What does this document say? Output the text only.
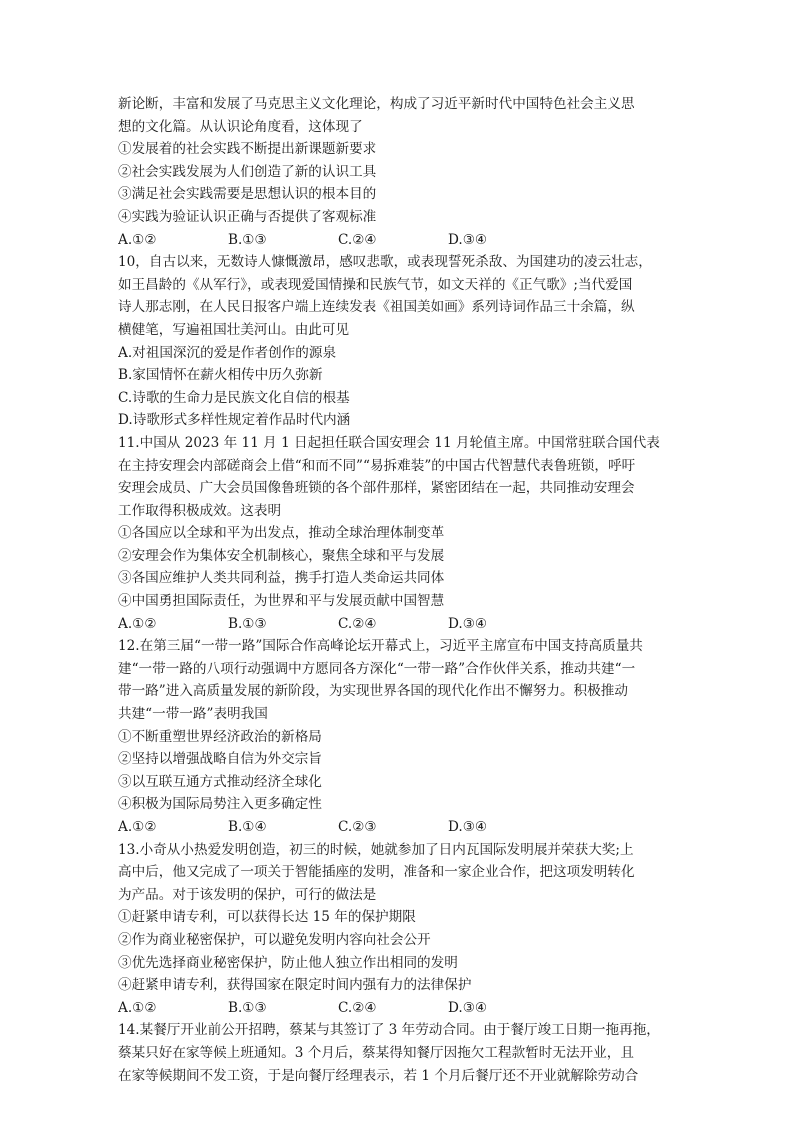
新论断，丰富和发展了马克思主义文化理论，构成了习近平新时代中国特色社会主义思
想的文化篇。从认识论角度看，这体现了
①发展着的社会实践不断提出新课题新要求
②社会实践发展为人们创造了新的认识工具
③满足社会实践需要是思想认识的根本目的
④实践为验证认识正确与否提供了客观标准
A.①②	B.①③	C.②④	D.③④
10，自古以来，无数诗人慷慨激昂，感叹悲歌，或表现誓死杀敌、为国建功的凌云壮志，
如王昌龄的《从军行》，或表现爱国情操和民族气节，如文天祥的《正气歌》;当代爱国
诗人那志刚，在人民日报客户端上连续发表《祖国美如画》系列诗词作品三十余篇，纵
横健笔，写遍祖国壮美河山。由此可见
A.对祖国深沉的爱是作者创作的源泉
B.家国情怀在薪火相传中历久弥新
C.诗歌的生命力是民族文化自信的根基
D.诗歌形式多样性规定着作品时代内涵
11.中国从 2023 年 11 月 1 日起担任联合国安理会 11 月轮值主席。中国常驻联合国代表
在主持安理会内部磋商会上借“和而不同”“易拆难装”的中国古代智慧代表鲁班锁，呼吁
安理会成员、广大会员国像鲁班锁的各个部件那样，紧密团结在一起，共同推动安理会
工作取得积极成效。这表明
①各国应以全球和平为出发点，推动全球治理体制变革
②安理会作为集体安全机制核心，聚焦全球和平与发展
③各国应维护人类共同利益，携手打造人类命运共同体
④中国勇担国际责任，为世界和平与发展贡献中国智慧
A.①②	B.①③	C.②④	D.③④
12.在第三届“一带一路”国际合作高峰论坛开幕式上，习近平主席宣布中国支持高质量共
建“一带一路的八项行动强调中方愿同各方深化“一带一路”合作伙伴关系，推动共建“一
带一路”进入高质量发展的新阶段，为实现世界各国的现代化作出不懈努力。积极推动
共建“一带一路”表明我国
①不断重塑世界经济政治的新格局
②坚持以增强战略自信为外交宗旨
③以互联互通方式推动经济全球化
④积极为国际局势注入更多确定性
A.①②	B.①④	C.②③	D.③④
13.小奇从小热爱发明创造，初三的时候，她就参加了日内瓦国际发明展并荣获大奖;上
高中后，他又完成了一项关于智能插座的发明，准备和一家企业合作，把这项发明转化
为产品。对于该发明的保护，可行的做法是
①赶紧申请专利，可以获得长达 15 年的保护期限
②作为商业秘密保护，可以避免发明内容向社会公开
③优先选择商业秘密保护，防止他人独立作出相同的发明
④赶紧申请专利，获得国家在限定时间内强有力的法律保护
A.①②	B.①③	C.②④	D.③④
14.某餐厅开业前公开招聘，蔡某与其签订了 3 年劳动合同。由于餐厅竣工日期一拖再拖，
蔡某只好在家等候上班通知。3 个月后，蔡某得知餐厅因拖欠工程款暂时无法开业，且
在家等候期间不发工资，于是向餐厅经理表示，若 1 个月后餐厅还不开业就解除劳动合
